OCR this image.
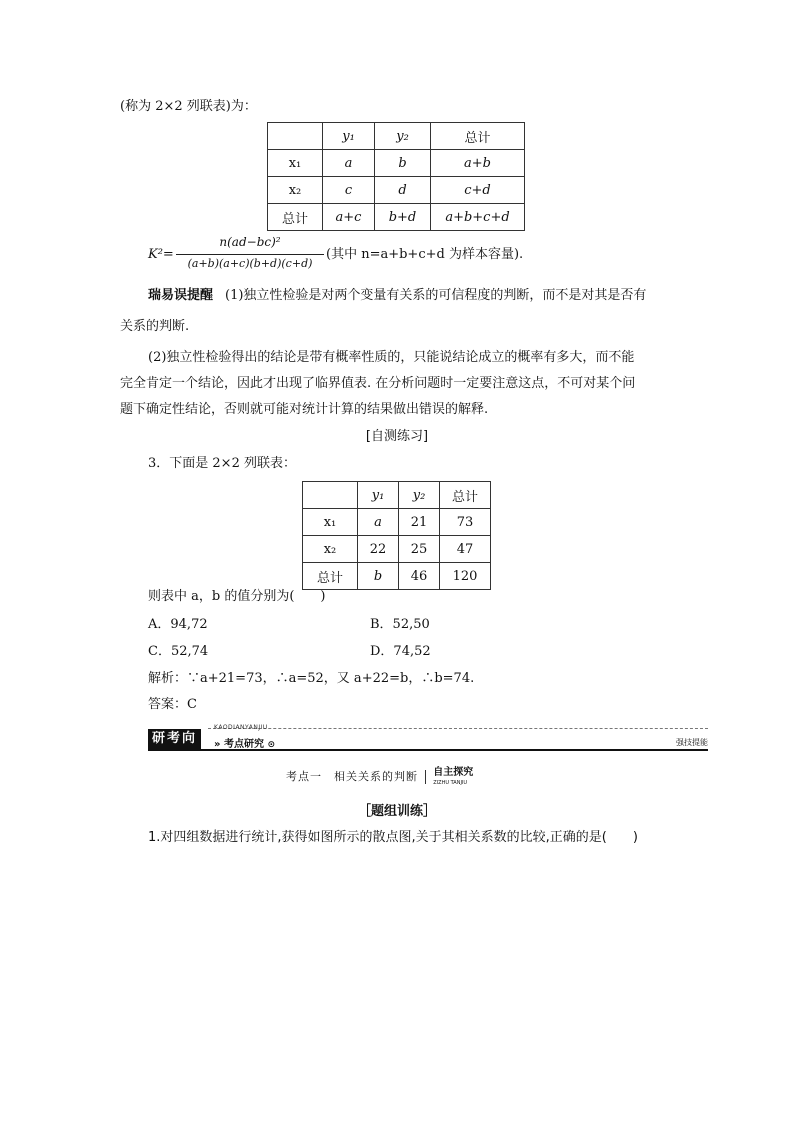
(称为 2×2 列联表)为：
	y₁	y₂	总计
x₁	a	b	a+b
x₂	c	d	c+d
总计	a+c	b+d	a+b+c+d
K²=
n(ad−bc)²
(a+b)(a+c)(b+d)(c+d)
(其中 n=a+b+c+d 为样本容量).
瑞易误提醒 (1)独立性检验是对两个变量有关系的可信程度的判断，而不是对其是否有
关系的判断.
(2)独立性检验得出的结论是带有概率性质的，只能说结论成立的概率有多大，而不能
完全肯定一个结论，因此才出现了临界值表. 在分析问题时一定要注意这点，不可对某个问
题下确定性结论，否则就可能对统计计算的结果做出错误的解释.
[自测练习]
3．下面是 2×2 列联表：
	y₁	y₂	总计
x₁	a	21	73
x₂	22	25	47
总计	b	46	120
则表中 a，b 的值分别为(　　)
A．94,72	B．52,50
C．52,74	D．74,52
解析：∵a+21=73，∴a=52，又 a+22=b，∴b=74.
答案：C
研考向
KAODIANYANJIU
» 考点研究 ⊙	强技提能
考点一　相关关系的判断 自主探究
ZIZHU TANJIU
［题组训练］
1.对四组数据进行统计,获得如图所示的散点图,关于其相关系数的比较,正确的是(　　)
